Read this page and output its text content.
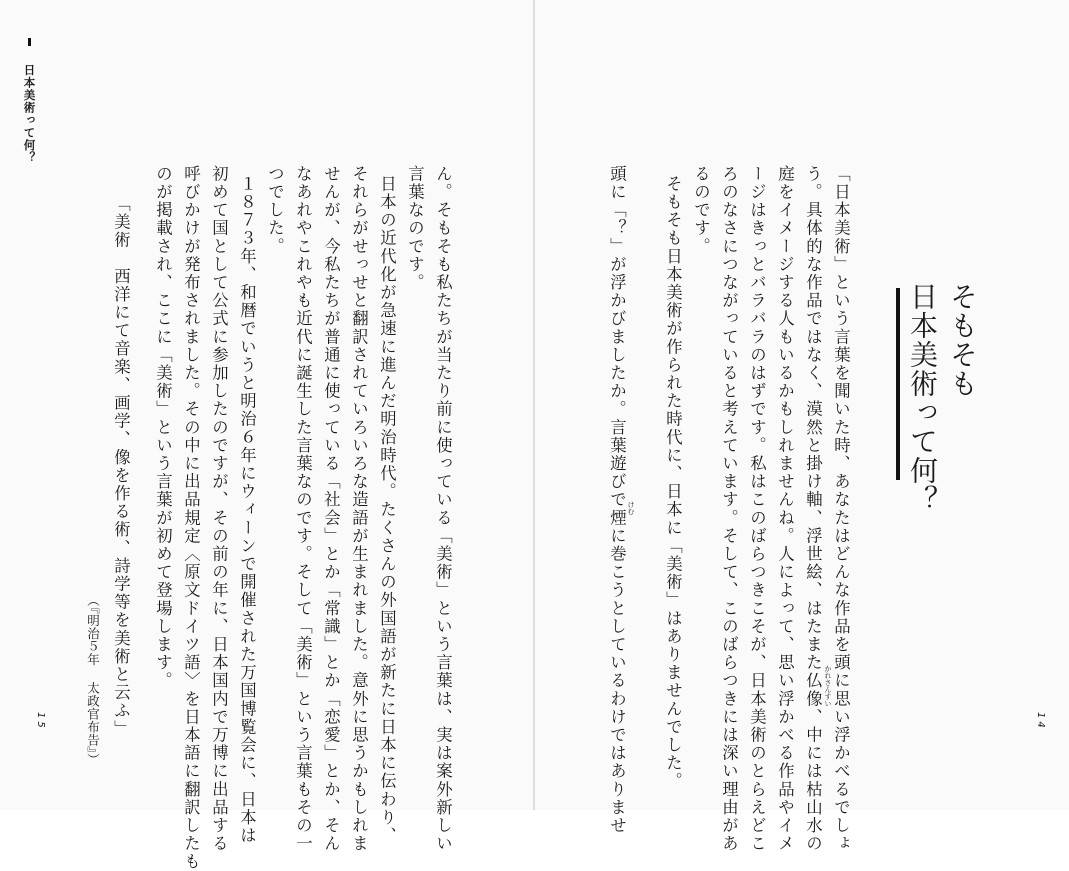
日本美術って何？
そもそも
日本美術って何？
「日本美術」という言葉を聞いた時、あなたはどんな作品を頭に思い浮かべるでしょ
う。具体的な作品ではなく、漠然と掛け軸、浮世絵、はたまた仏像、中には枯山水の
庭をイメージする人もいるかもしれませんね。人によって、思い浮かべる作品やイメ
ージはきっとバラバラのはずです。私はこのばらつきこそが、日本美術のとらえどこ
ろのなさにつながっていると考えています。そして、このばらつきには深い理由があ
るのです。
そもそも日本美術が作られた時代に、日本に「美術」はありませんでした。
頭に「？」が浮かびましたか。言葉遊びで煙に巻こうとしているわけではありませ	かれさんすい
けむ
ん。そもそも私たちが当たり前に使っている「美術」という言葉は、実は案外新しい
言葉なのです。
日本の近代化が急速に進んだ明治時代。たくさんの外国語が新たに日本に伝わり、
それらがせっせと翻訳されていろいろな造語が生まれました。意外に思うかもしれま
せんが、今私たちが普通に使っている「社会」とか「常識」とか「恋愛」とか、そん
なあれやこれやも近代に誕生した言葉なのです。そして「美術」という言葉もその一
つでした。
１８７３年、和暦でいうと明治６年にウィーンで開催された万国博覧会に、日本は
初めて国として公式に参加したのですが、その前の年に、日本国内で万博に出品する
呼びかけが発布されました。その中に出品規定〈原文ドイツ語〉を日本語に翻訳したも
のが掲載され、ここに「美術」という言葉が初めて登場します。
「美術　西洋にて音楽、画学、像を作る術、詩学等を美術と云ふ」
（『明治５年 太政官布告』）
15	14
